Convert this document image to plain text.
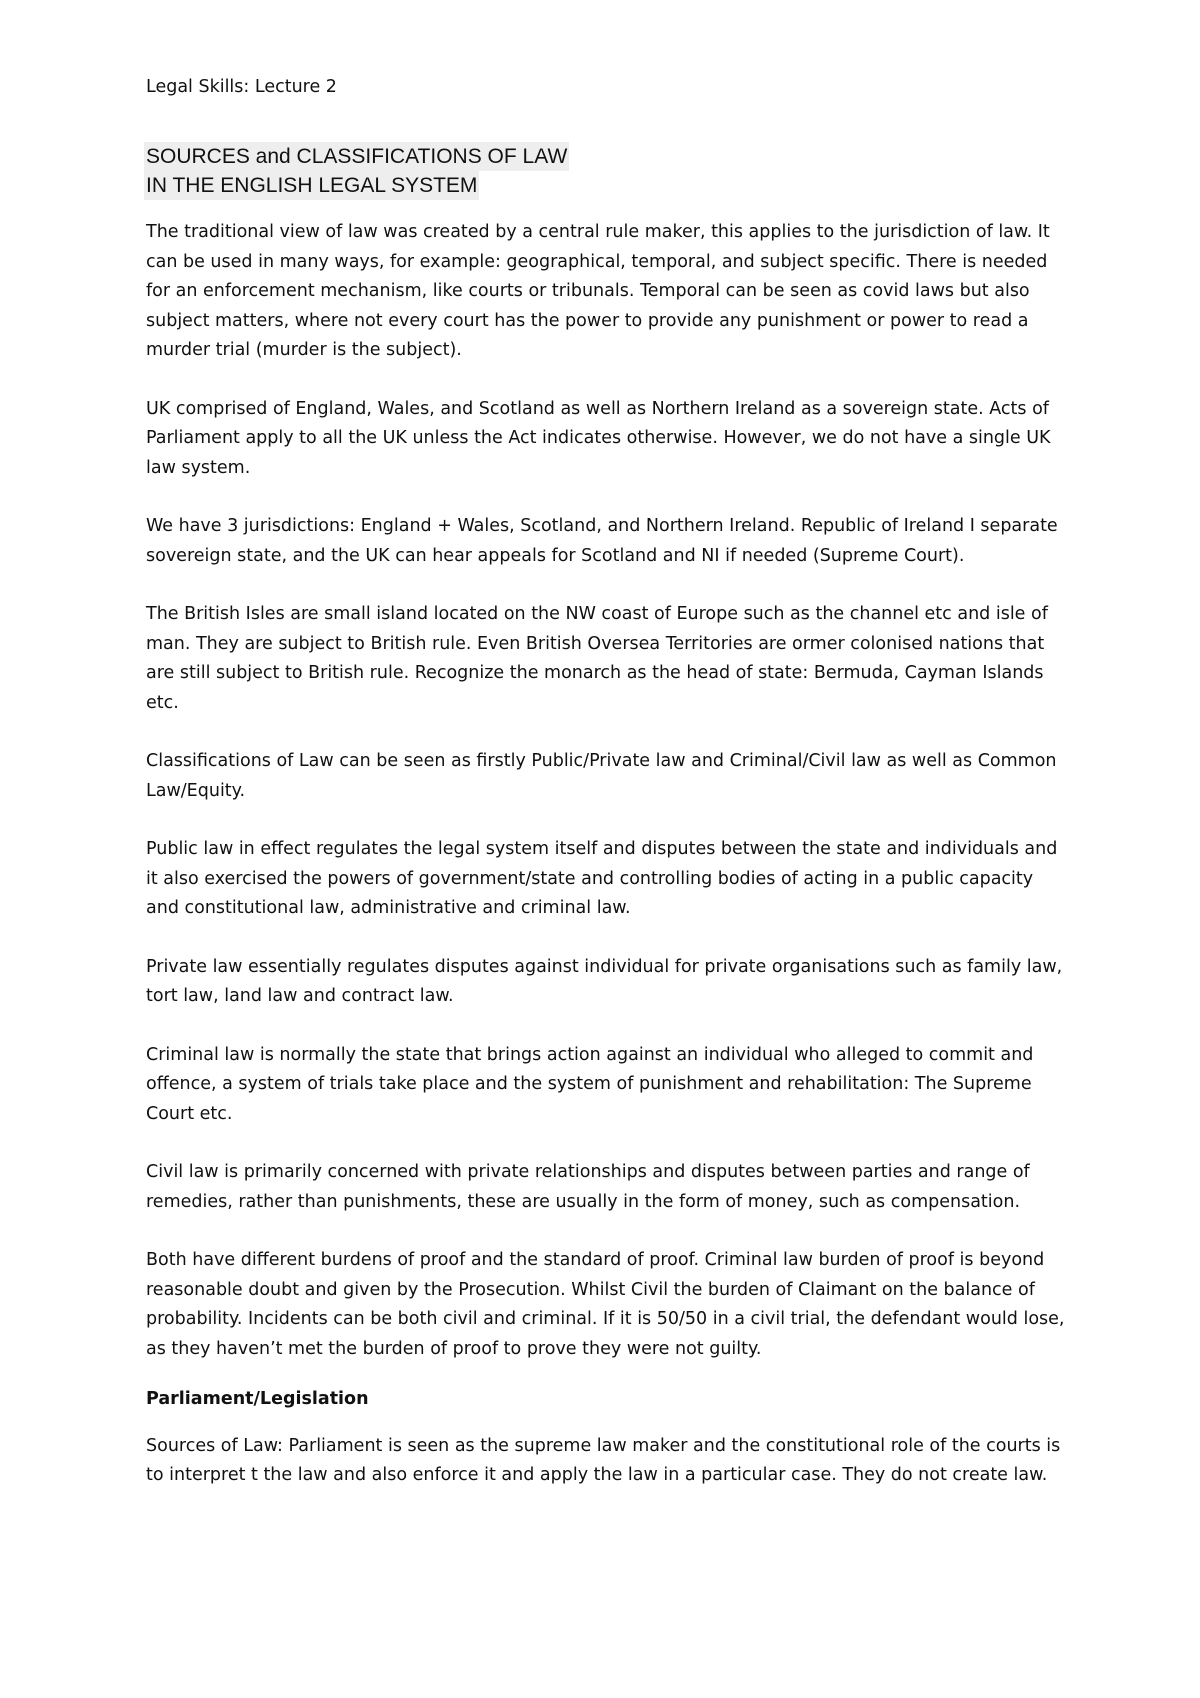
Legal Skills: Lecture 2
SOURCES and CLASSIFICATIONS OF LAW
IN THE ENGLISH LEGAL SYSTEM

The traditional view of law was created by a central rule maker, this applies to the jurisdiction of law. It can be used in many ways, for example: geographical, temporal, and subject specific. There is needed for an enforcement mechanism, like courts or tribunals. Temporal can be seen as covid laws but also subject matters, where not every court has the power to provide any punishment or power to read a murder trial (murder is the subject).

UK comprised of England, Wales, and Scotland as well as Northern Ireland as a sovereign state. Acts of Parliament apply to all the UK unless the Act indicates otherwise. However, we do not have a single UK law system.

We have 3 jurisdictions: England + Wales, Scotland, and Northern Ireland. Republic of Ireland I separate sovereign state, and the UK can hear appeals for Scotland and NI if needed (Supreme Court).

The British Isles are small island located on the NW coast of Europe such as the channel etc and isle of man. They are subject to British rule. Even British Oversea Territories are ormer colonised nations that are still subject to British rule. Recognize the monarch as the head of state: Bermuda, Cayman Islands etc.

Classifications of Law can be seen as firstly Public/Private law and Criminal/Civil law as well as Common Law/Equity.

Public law in effect regulates the legal system itself and disputes between the state and individuals and it also exercised the powers of government/state and controlling bodies of acting in a public capacity and constitutional law, administrative and criminal law.

Private law essentially regulates disputes against individual for private organisations such as family law, tort law, land law and contract law.

Criminal law is normally the state that brings action against an individual who alleged to commit and offence, a system of trials take place and the system of punishment and rehabilitation: The Supreme Court etc.

Civil law is primarily concerned with private relationships and disputes between parties and range of remedies, rather than punishments, these are usually in the form of money, such as compensation.

Both have different burdens of proof and the standard of proof. Criminal law burden of proof is beyond reasonable doubt and given by the Prosecution. Whilst Civil the burden of Claimant on the balance of probability. Incidents can be both civil and criminal. If it is 50/50 in a civil trial, the defendant would lose, as they haven’t met the burden of proof to prove they were not guilty.

Parliament/Legislation

Sources of Law: Parliament is seen as the supreme law maker and the constitutional role of the courts is to interpret t the law and also enforce it and apply the law in a particular case. They do not create law.
